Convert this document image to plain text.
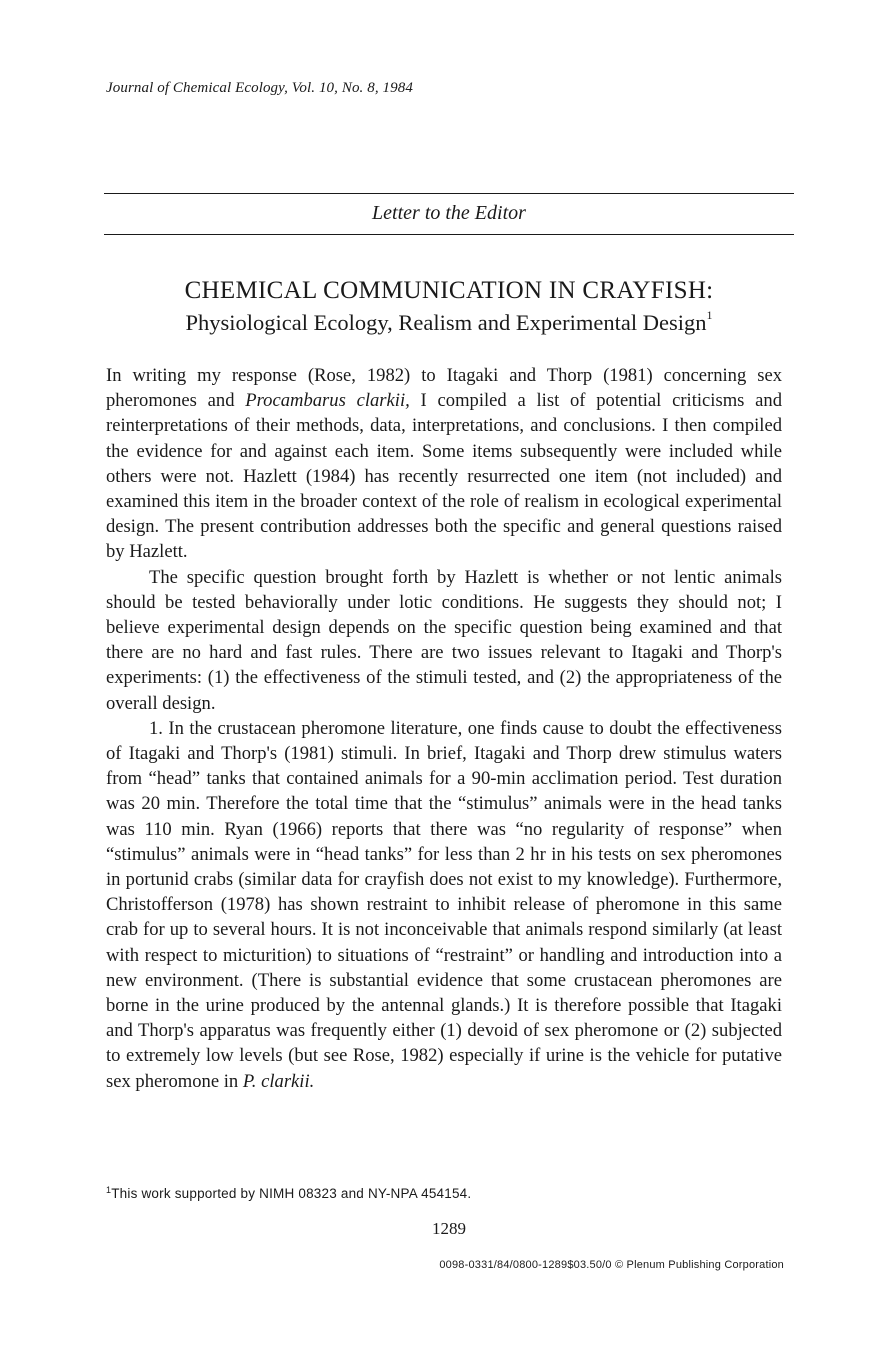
Journal of Chemical Ecology, Vol. 10, No. 8, 1984
Letter to the Editor
CHEMICAL COMMUNICATION IN CRAYFISH:
Physiological Ecology, Realism and Experimental Design$^1$

In writing my response (Rose, 1982) to Itagaki and Thorp (1981) concerning sex pheromones and Procambarus clarkii, I compiled a list of potential criticisms and reinterpretations of their methods, data, interpretations, and conclusions. I then compiled the evidence for and against each item. Some items subsequently were included while others were not. Hazlett (1984) has recently resurrected one item (not included) and examined this item in the broader context of the role of realism in ecological experimental design. The present contribution addresses both the specific and general questions raised by Hazlett.

The specific question brought forth by Hazlett is whether or not lentic animals should be tested behaviorally under lotic conditions. He suggests they should not; I believe experimental design depends on the specific question being examined and that there are no hard and fast rules. There are two issues relevant to Itagaki and Thorp's experiments: (1) the effectiveness of the stimuli tested, and (2) the appropriateness of the overall design.

1. In the crustacean pheromone literature, one finds cause to doubt the effectiveness of Itagaki and Thorp's (1981) stimuli. In brief, Itagaki and Thorp drew stimulus waters from “head” tanks that contained animals for a 90-min acclimation period. Test duration was 20 min. Therefore the total time that the “stimulus” animals were in the head tanks was 110 min. Ryan (1966) reports that there was “no regularity of response” when “stimulus” animals were in “head tanks” for less than 2 hr in his tests on sex pheromones in portunid crabs (similar data for crayfish does not exist to my knowledge). Furthermore, Christofferson (1978) has shown restraint to inhibit release of pheromone in this same crab for up to several hours. It is not inconceivable that animals respond similarly (at least with respect to micturition) to situations of “restraint” or handling and introduction into a new environment. (There is substantial evidence that some crustacean pheromones are borne in the urine produced by the antennal glands.) It is therefore possible that Itagaki and Thorp's apparatus was frequently either (1) devoid of sex pheromone or (2) subjected to extremely low levels (but see Rose, 1982) especially if urine is the vehicle for putative sex pheromone in P. clarkii.

$^1$This work supported by NIMH 08323 and NY-NPA 454154.
1289
0098-0331/84/0800-1289$03.50/0 © Plenum Publishing Corporation
